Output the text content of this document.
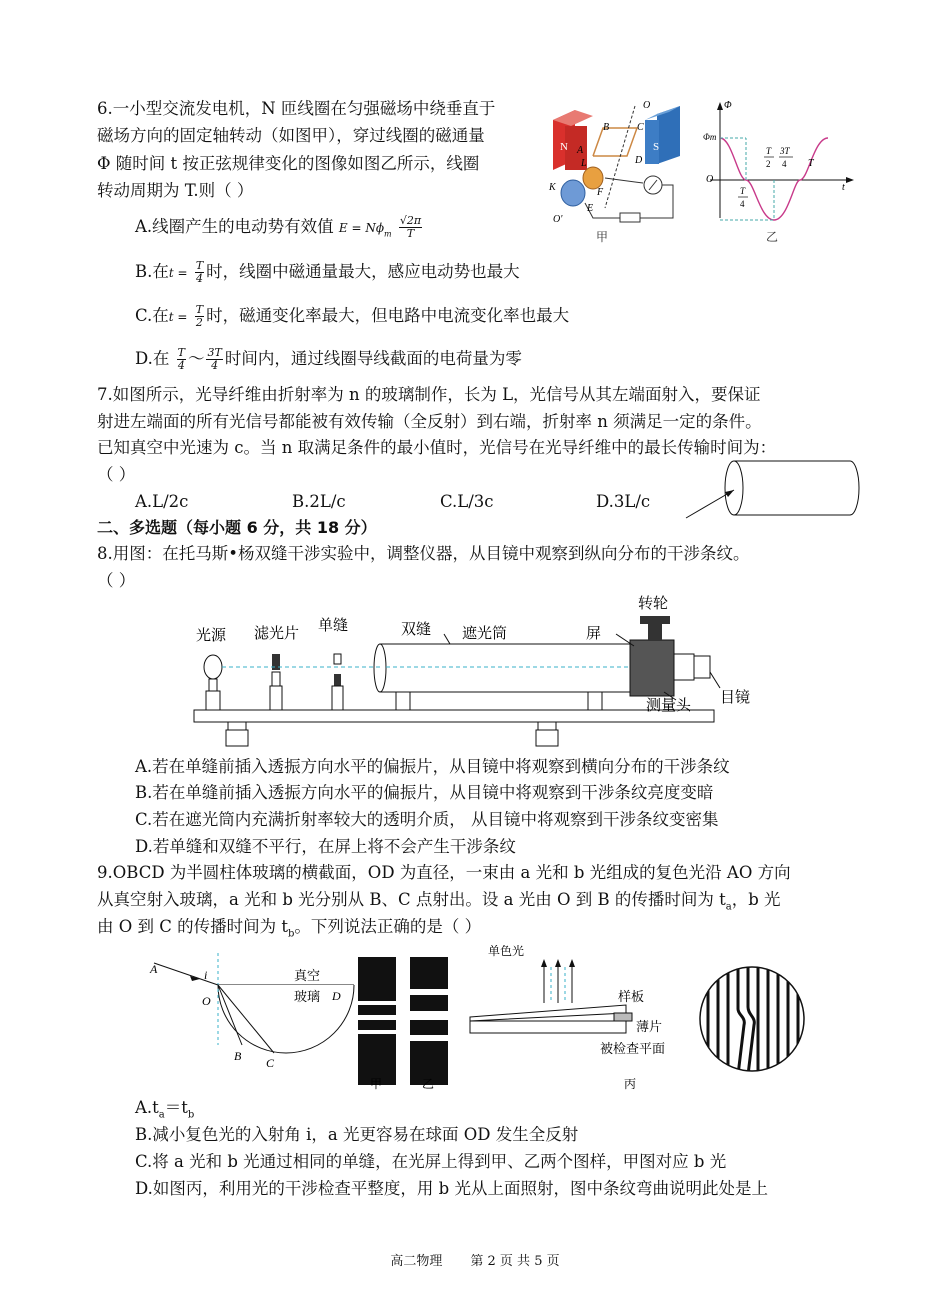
6.一小型交流发电机，N 匝线圈在匀强磁场中绕垂直于
磁场方向的固定轴转动（如图甲），穿过线圈的磁通量
Φ 随时间 t 按正弦规律变化的图像如图乙所示，线圈
转动周期为 T.则（ ）
A.线圈产生的电动势有效值 $E = N\phi_m \frac{√2\pi}{T}$
B.在$t = \frac{T}{4}$ 时，线圈中磁通量最大，感应电动势也最大
C.在$t = \frac{T}{2}$ 时，磁通变化率最大，但电路中电流变化率也最大
D.在 $\frac{T}{4}$ ～ $\frac{3T}{4}$ 时间内，通过线圈导线截面的电荷量为零
N	S
B
A
C
O
D
L
F
K
E
O'
甲
Φ
Φm
O
t
T
T
2
3T
4
T
4
乙
7.如图所示，光导纤维由折射率为 n 的玻璃制作，长为 L，光信号从其左端面射入，要保证
射进左端面的所有光信号都能被有效传输（全反射）到右端，折射率 n 须满足一定的条件。
已知真空中光速为 c。当 n 取满足条件的最小值时，光信号在光导纤维中的最长传输时间为：
（ ）
A.L/2c	B.2L/c	C.L/3c	D.3L/c
二、多选题（每小题 6 分，共 18 分）
8.用图：在托马斯•杨双缝干涉实验中，调整仪器，从目镜中观察到纵向分布的干涉条纹。
（ ）
光源 滤光片 单缝	双缝 遮光筒	屏
转轮
测量头 目镜
A.若在单缝前插入透振方向水平的偏振片，从目镜中将观察到横向分布的干涉条纹
B.若在单缝前插入透振方向水平的偏振片，从目镜中将观察到干涉条纹亮度变暗
C.若在遮光筒内充满折射率较大的透明介质， 从目镜中将观察到干涉条纹变密集
D.若单缝和双缝不平行，在屏上将不会产生干涉条纹
9.OBCD 为半圆柱体玻璃的横截面，OD 为直径，一束由 a 光和 b 光组成的复色光沿 AO 方向
从真空射入玻璃，a 光和 b 光分别从 B、C 点射出。设 a 光由 O 到 B 的传播时间为 $t_a$，b 光
由 O 到 C 的传播时间为 $t_b$。下列说法正确的是（ ）
A	i
O
B C
D
真空
玻璃
甲	乙
单色光
样板
薄片
被检查平面
丙
$A.t_a=t_b$
B.减小复色光的入射角 i，a 光更容易在球面 OD 发生全反射
C.将 a 光和 b 光通过相同的单缝，在光屏上得到甲、乙两个图样，甲图对应 b 光
D.如图丙，利用光的干涉检查平整度，用 b 光从上面照射，图中条纹弯曲说明此处是上
高二物理 第 2 页 共 5 页
